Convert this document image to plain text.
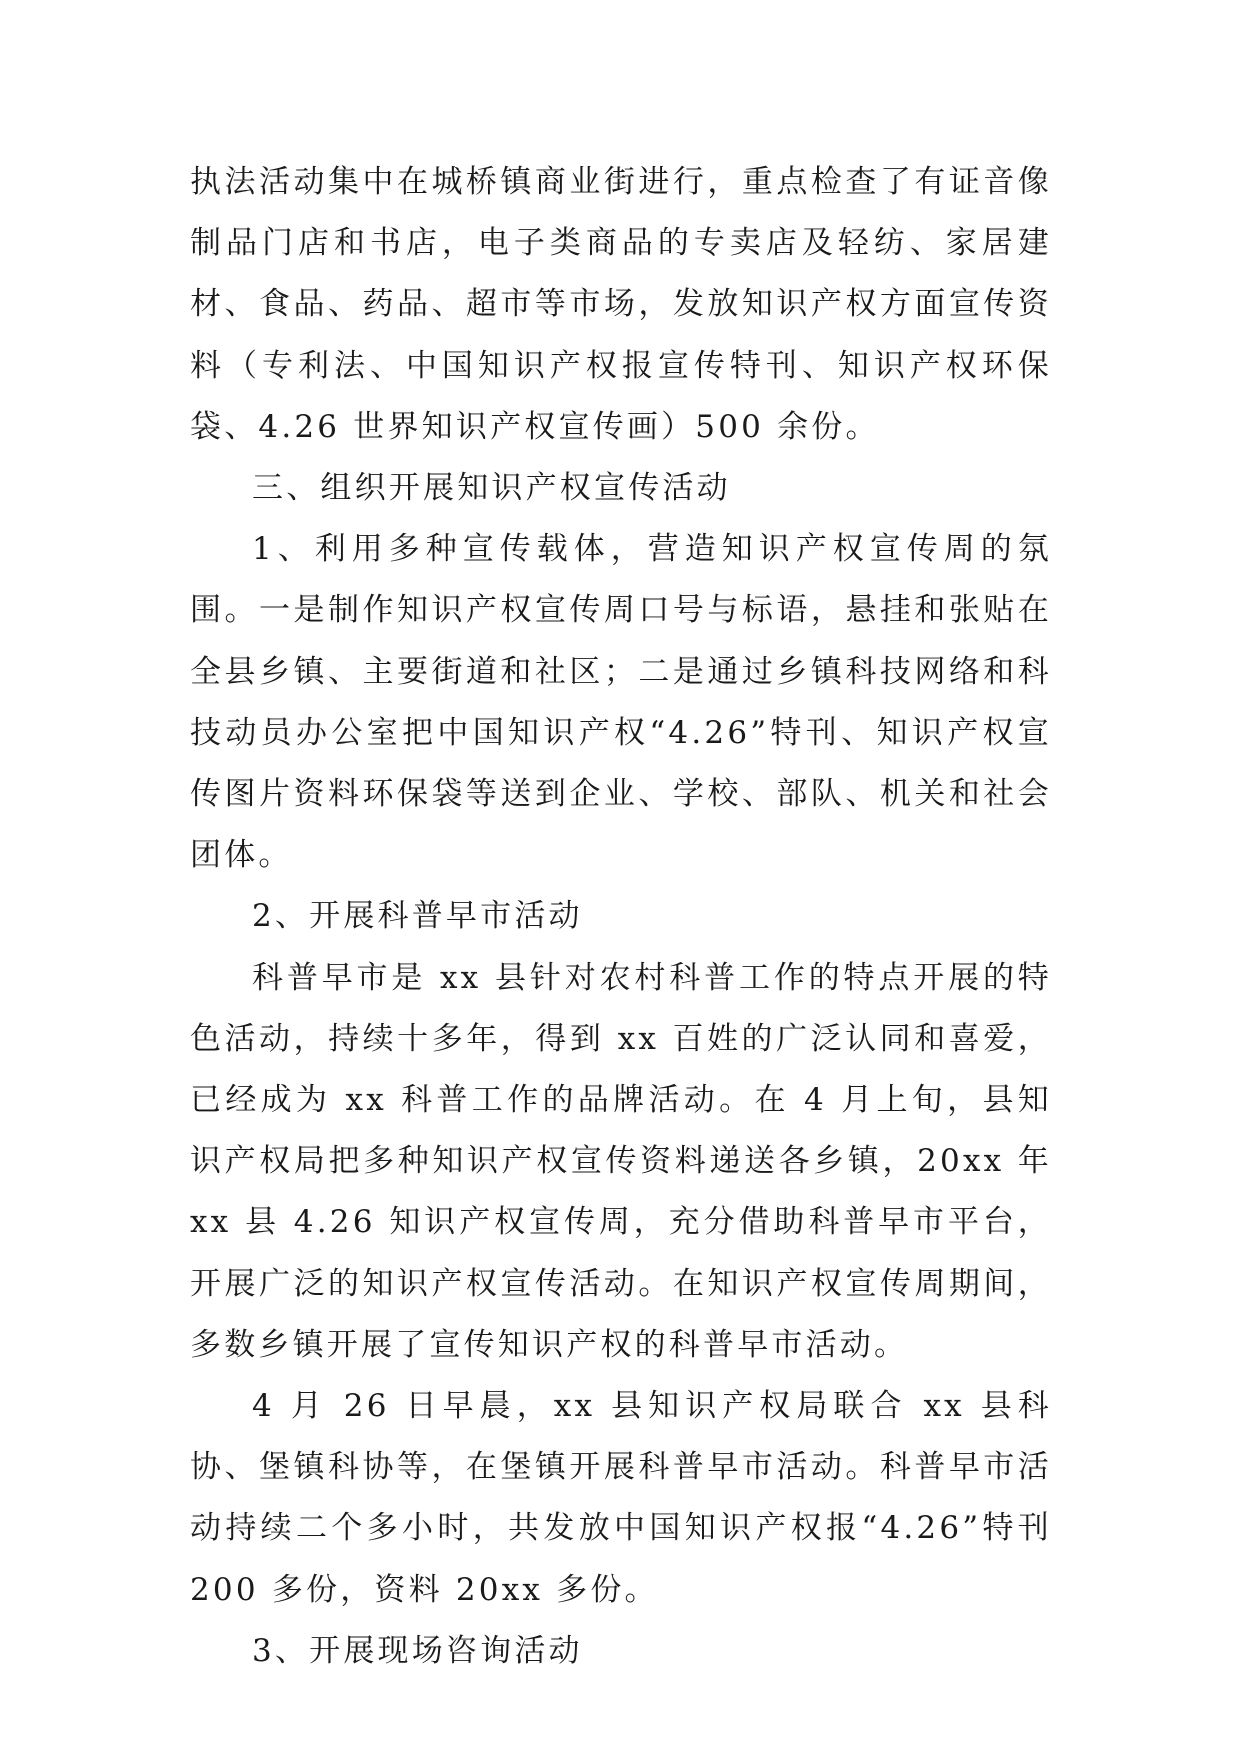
执法活动集中在城桥镇商业街进行，重点检查了有证音像制品门店和书店，电子类商品的专卖店及轻纺、家居建材、食品、药品、超市等市场，发放知识产权方面宣传资料（专利法、中国知识产权报宣传特刊、知识产权环保袋、4.26 世界知识产权宣传画）500 余份。

三、组织开展知识产权宣传活动

1、利用多种宣传载体，营造知识产权宣传周的氛围。一是制作知识产权宣传周口号与标语，悬挂和张贴在全县乡镇、主要街道和社区；二是通过乡镇科技网络和科技动员办公室把中国知识产权“4.26”特刊、知识产权宣传图片资料环保袋等送到企业、学校、部队、机关和社会团体。

2、开展科普早市活动

科普早市是 xx 县针对农村科普工作的特点开展的特色活动，持续十多年，得到 xx 百姓的广泛认同和喜爱，已经成为 xx 科普工作的品牌活动。在 4 月上旬，县知识产权局把多种知识产权宣传资料递送各乡镇，20xx 年 xx 县 4.26 知识产权宣传周，充分借助科普早市平台，开展广泛的知识产权宣传活动。在知识产权宣传周期间，多数乡镇开展了宣传知识产权的科普早市活动。

4 月 26 日早晨，xx 县知识产权局联合 xx 县科协、堡镇科协等，在堡镇开展科普早市活动。科普早市活动持续二个多小时，共发放中国知识产权报“4.26”特刊 200 多份，资料 20xx 多份。

3、开展现场咨询活动
